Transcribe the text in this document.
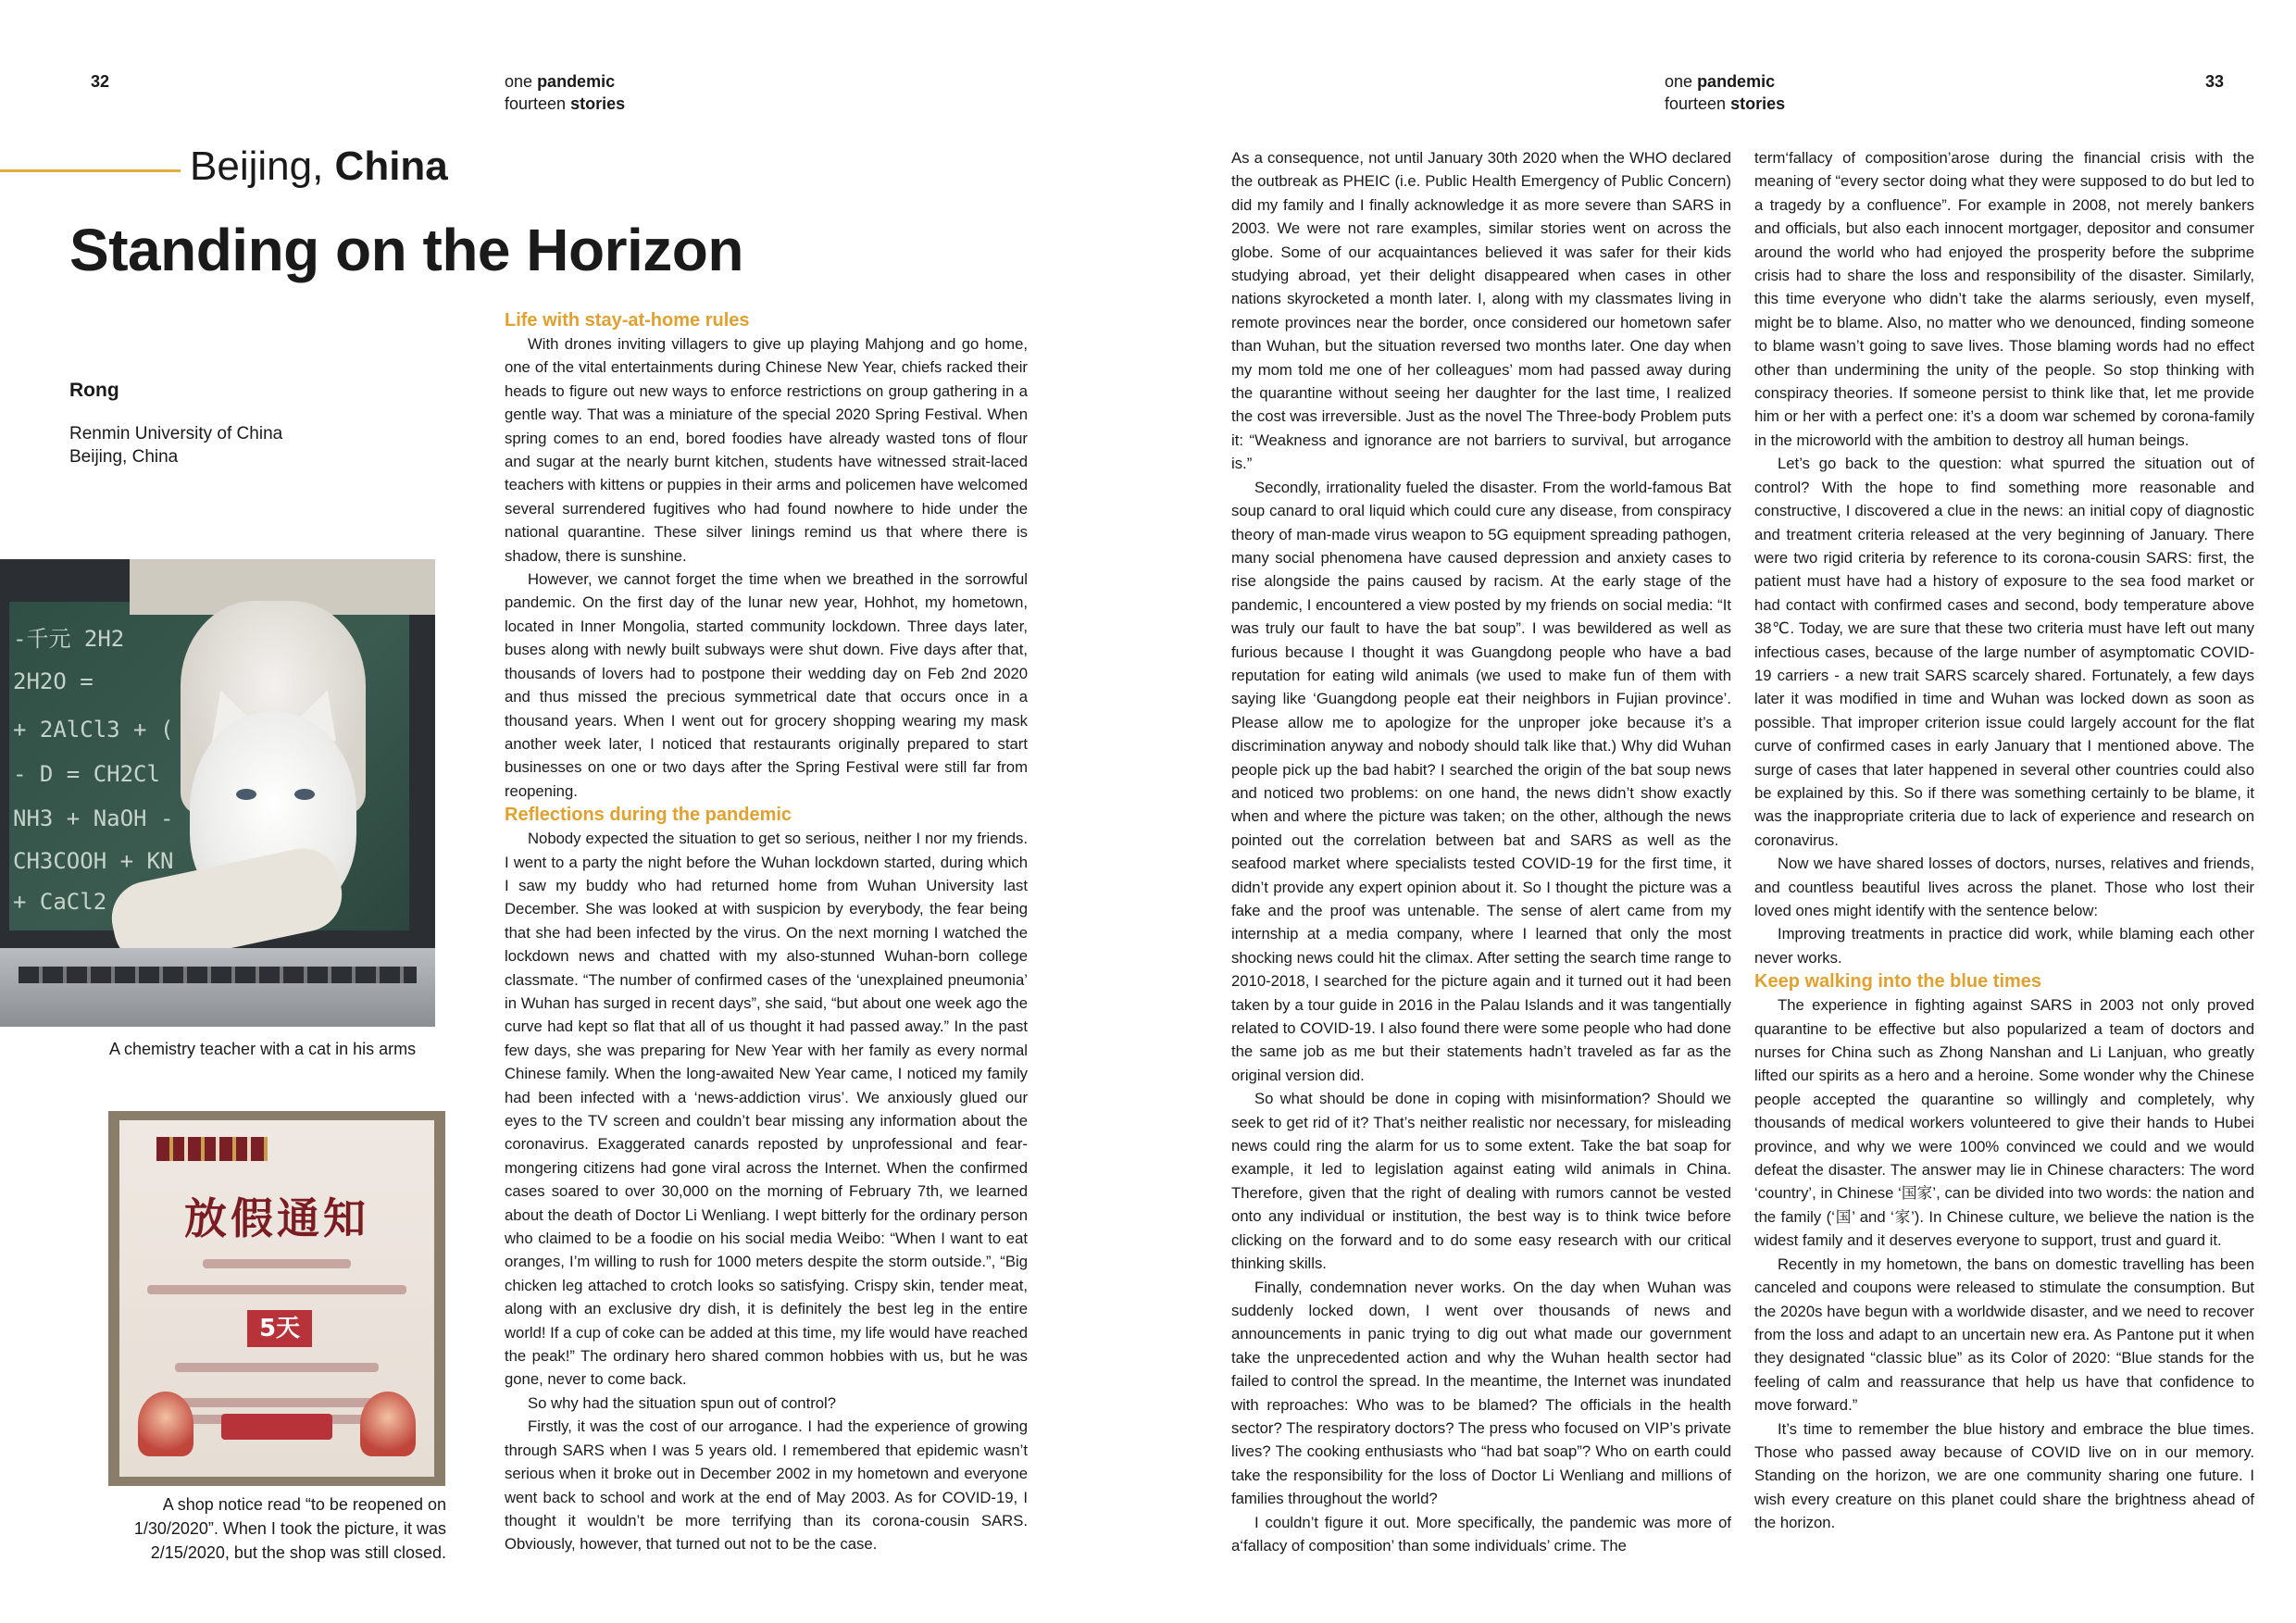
32	one pandemic
fourteen stories
one pandemic
fourteen stories
33
Beijing, China
Standing on the Horizon
Rong
Renmin University of China
Beijing, China
-千元 2H2
2H2O =
+ 2AlCl3 + (
- D = CH2Cl
NH3 + NaOH -
CH3COOH + KN
+ CaCl2
A chemistry teacher with a cat in his arms
放假通知
5天
A shop notice read “to be reopened on 1/30/2020”. When I took the picture, it was 2/15/2020, but the shop was still closed.
Life with stay-at-home rules

With drones inviting villagers to give up playing Mahjong and go home, one of the vital entertainments during Chinese New Year, chiefs racked their heads to figure out new ways to enforce restrictions on group gathering in a gentle way. That was a miniature of the special 2020 Spring Festival. When spring comes to an end, bored foodies have already wasted tons of flour and sugar at the nearly burnt kitchen, students have witnessed strait-laced teachers with kittens or puppies in their arms and policemen have welcomed several surrendered fugitives who had found nowhere to hide under the national quarantine. These silver linings remind us that where there is shadow, there is sunshine.

However, we cannot forget the time when we breathed in the sorrowful pandemic. On the first day of the lunar new year, Hohhot, my hometown, located in Inner Mongolia, started community lockdown. Three days later, buses along with newly built subways were shut down. Five days after that, thousands of lovers had to postpone their wedding day on Feb 2nd 2020 and thus missed the precious symmetrical date that occurs once in a thousand years. When I went out for grocery shopping wearing my mask another week later, I noticed that restaurants originally prepared to start businesses on one or two days after the Spring Festival were still far from reopening.

Reflections during the pandemic

Nobody expected the situation to get so serious, neither I nor my friends. I went to a party the night before the Wuhan lockdown started, during which I saw my buddy who had returned home from Wuhan University last December. She was looked at with suspicion by everybody, the fear being that she had been infected by the virus. On the next morning I watched the lockdown news and chatted with my also-stunned Wuhan-born college classmate. “The number of confirmed cases of the ‘unexplained pneumonia’ in Wuhan has surged in recent days”, she said, “but about one week ago the curve had kept so flat that all of us thought it had passed away.” In the past few days, she was preparing for New Year with her family as every normal Chinese family. When the long-awaited New Year came, I noticed my family had been infected with a ‘news-addiction virus’. We anxiously glued our eyes to the TV screen and couldn’t bear missing any information about the coronavirus. Exaggerated canards reposted by unprofessional and fear-mongering citizens had gone viral across the Internet. When the confirmed cases soared to over 30,000 on the morning of February 7th, we learned about the death of Doctor Li Wenliang. I wept bitterly for the ordinary person who claimed to be a foodie on his social media Weibo: “When I want to eat oranges, I’m willing to rush for 1000 meters despite the storm outside.”, “Big chicken leg attached to crotch looks so satisfying. Crispy skin, tender meat, along with an exclusive dry dish, it is definitely the best leg in the entire world! If a cup of coke can be added at this time, my life would have reached the peak!” The ordinary hero shared common hobbies with us, but he was gone, never to come back.

So why had the situation spun out of control?

Firstly, it was the cost of our arrogance. I had the experience of growing through SARS when I was 5 years old. I remembered that epidemic wasn’t serious when it broke out in December 2002 in my hometown and everyone went back to school and work at the end of May 2003. As for COVID-19, I thought it wouldn’t be more terrifying than its corona-cousin SARS. Obviously, however, that turned out not to be the case.

As a consequence, not until January 30th 2020 when the WHO declared the outbreak as PHEIC (i.e. Public Health Emergency of Public Concern) did my family and I finally acknowledge it as more severe than SARS in 2003. We were not rare examples, similar stories went on across the globe. Some of our acquaintances believed it was safer for their kids studying abroad, yet their delight disappeared when cases in other nations skyrocketed a month later. I, along with my classmates living in remote provinces near the border, once considered our hometown safer than Wuhan, but the situation reversed two months later. One day when my mom told me one of her colleagues’ mom had passed away during the quarantine without seeing her daughter for the last time, I realized the cost was irreversible. Just as the novel The Three-body Problem puts it: “Weakness and ignorance are not barriers to survival, but arrogance is.”

Secondly, irrationality fueled the disaster. From the world-famous Bat soup canard to oral liquid which could cure any disease, from conspiracy theory of man-made virus weapon to 5G equipment spreading pathogen, many social phenomena have caused depression and anxiety cases to rise alongside the pains caused by racism. At the early stage of the pandemic, I encountered a view posted by my friends on social media: “It was truly our fault to have the bat soup”. I was bewildered as well as furious because I thought it was Guangdong people who have a bad reputation for eating wild animals (we used to make fun of them with saying like ‘Guangdong people eat their neighbors in Fujian province’. Please allow me to apologize for the unproper joke because it’s a discrimination anyway and nobody should talk like that.) Why did Wuhan people pick up the bad habit? I searched the origin of the bat soup news and noticed two problems: on one hand, the news didn’t show exactly when and where the picture was taken; on the other, although the news pointed out the correlation between bat and SARS as well as the seafood market where specialists tested COVID-19 for the first time, it didn’t provide any expert opinion about it. So I thought the picture was a fake and the proof was untenable. The sense of alert came from my internship at a media company, where I learned that only the most shocking news could hit the climax. After setting the search time range to 2010-2018, I searched for the picture again and it turned out it had been taken by a tour guide in 2016 in the Palau Islands and it was tangentially related to COVID-19. I also found there were some people who had done the same job as me but their statements hadn’t traveled as far as the original version did.

So what should be done in coping with misinformation? Should we seek to get rid of it? That’s neither realistic nor necessary, for misleading news could ring the alarm for us to some extent. Take the bat soap for example, it led to legislation against eating wild animals in China. Therefore, given that the right of dealing with rumors cannot be vested onto any individual or institution, the best way is to think twice before clicking on the forward and to do some easy research with our critical thinking skills.

Finally, condemnation never works. On the day when Wuhan was suddenly locked down, I went over thousands of news and announcements in panic trying to dig out what made our government take the unprecedented action and why the Wuhan health sector had failed to control the spread. In the meantime, the Internet was inundated with reproaches: Who was to be blamed? The officials in the health sector? The respiratory doctors? The press who focused on VIP’s private lives? The cooking enthusiasts who “had bat soap”? Who on earth could take the responsibility for the loss of Doctor Li Wenliang and millions of families throughout the world?

I couldn’t figure it out. More specifically, the pandemic was more of a‘fallacy of composition’ than some individuals’ crime. The

term‘fallacy of composition’arose during the financial crisis with the meaning of “every sector doing what they were supposed to do but led to a tragedy by a confluence”. For example in 2008, not merely bankers and officials, but also each innocent mortgager, depositor and consumer around the world who had enjoyed the prosperity before the subprime crisis had to share the loss and responsibility of the disaster. Similarly, this time everyone who didn’t take the alarms seriously, even myself, might be to blame. Also, no matter who we denounced, finding someone to blame wasn’t going to save lives. Those blaming words had no effect other than undermining the unity of the people. So stop thinking with conspiracy theories. If someone persist to think like that, let me provide him or her with a perfect one: it’s a doom war schemed by corona-family in the microworld with the ambition to destroy all human beings.

Let’s go back to the question: what spurred the situation out of control? With the hope to find something more reasonable and constructive, I discovered a clue in the news: an initial copy of diagnostic and treatment criteria released at the very beginning of January. There were two rigid criteria by reference to its corona-cousin SARS: first, the patient must have had a history of exposure to the sea food market or had contact with confirmed cases and second, body temperature above 38℃. Today, we are sure that these two criteria must have left out many infectious cases, because of the large number of asymptomatic COVID-19 carriers - a new trait SARS scarcely shared. Fortunately, a few days later it was modified in time and Wuhan was locked down as soon as possible. That improper criterion issue could largely account for the flat curve of confirmed cases in early January that I mentioned above. The surge of cases that later happened in several other countries could also be explained by this. So if there was something certainly to be blame, it was the inappropriate criteria due to lack of experience and research on coronavirus.

Now we have shared losses of doctors, nurses, relatives and friends, and countless beautiful lives across the planet. Those who lost their loved ones might identify with the sentence below:

Improving treatments in practice did work, while blaming each other never works.

Keep walking into the blue times

The experience in fighting against SARS in 2003 not only proved quarantine to be effective but also popularized a team of doctors and nurses for China such as Zhong Nanshan and Li Lanjuan, who greatly lifted our spirits as a hero and a heroine. Some wonder why the Chinese people accepted the quarantine so willingly and completely, why thousands of medical workers volunteered to give their hands to Hubei province, and why we were 100% convinced we could and we would defeat the disaster. The answer may lie in Chinese characters: The word ‘country’, in Chinese ‘国家’, can be divided into two words: the nation and the family (‘国’ and ‘家’). In Chinese culture, we believe the nation is the widest family and it deserves everyone to support, trust and guard it.

Recently in my hometown, the bans on domestic travelling has been canceled and coupons were released to stimulate the consumption. But the 2020s have begun with a worldwide disaster, and we need to recover from the loss and adapt to an uncertain new era. As Pantone put it when they designated “classic blue” as its Color of 2020: “Blue stands for the feeling of calm and reassurance that help us have that confidence to move forward.”

It’s time to remember the blue history and embrace the blue times. Those who passed away because of COVID live on in our memory. Standing on the horizon, we are one community sharing one future. I wish every creature on this planet could share the brightness ahead of the horizon.
